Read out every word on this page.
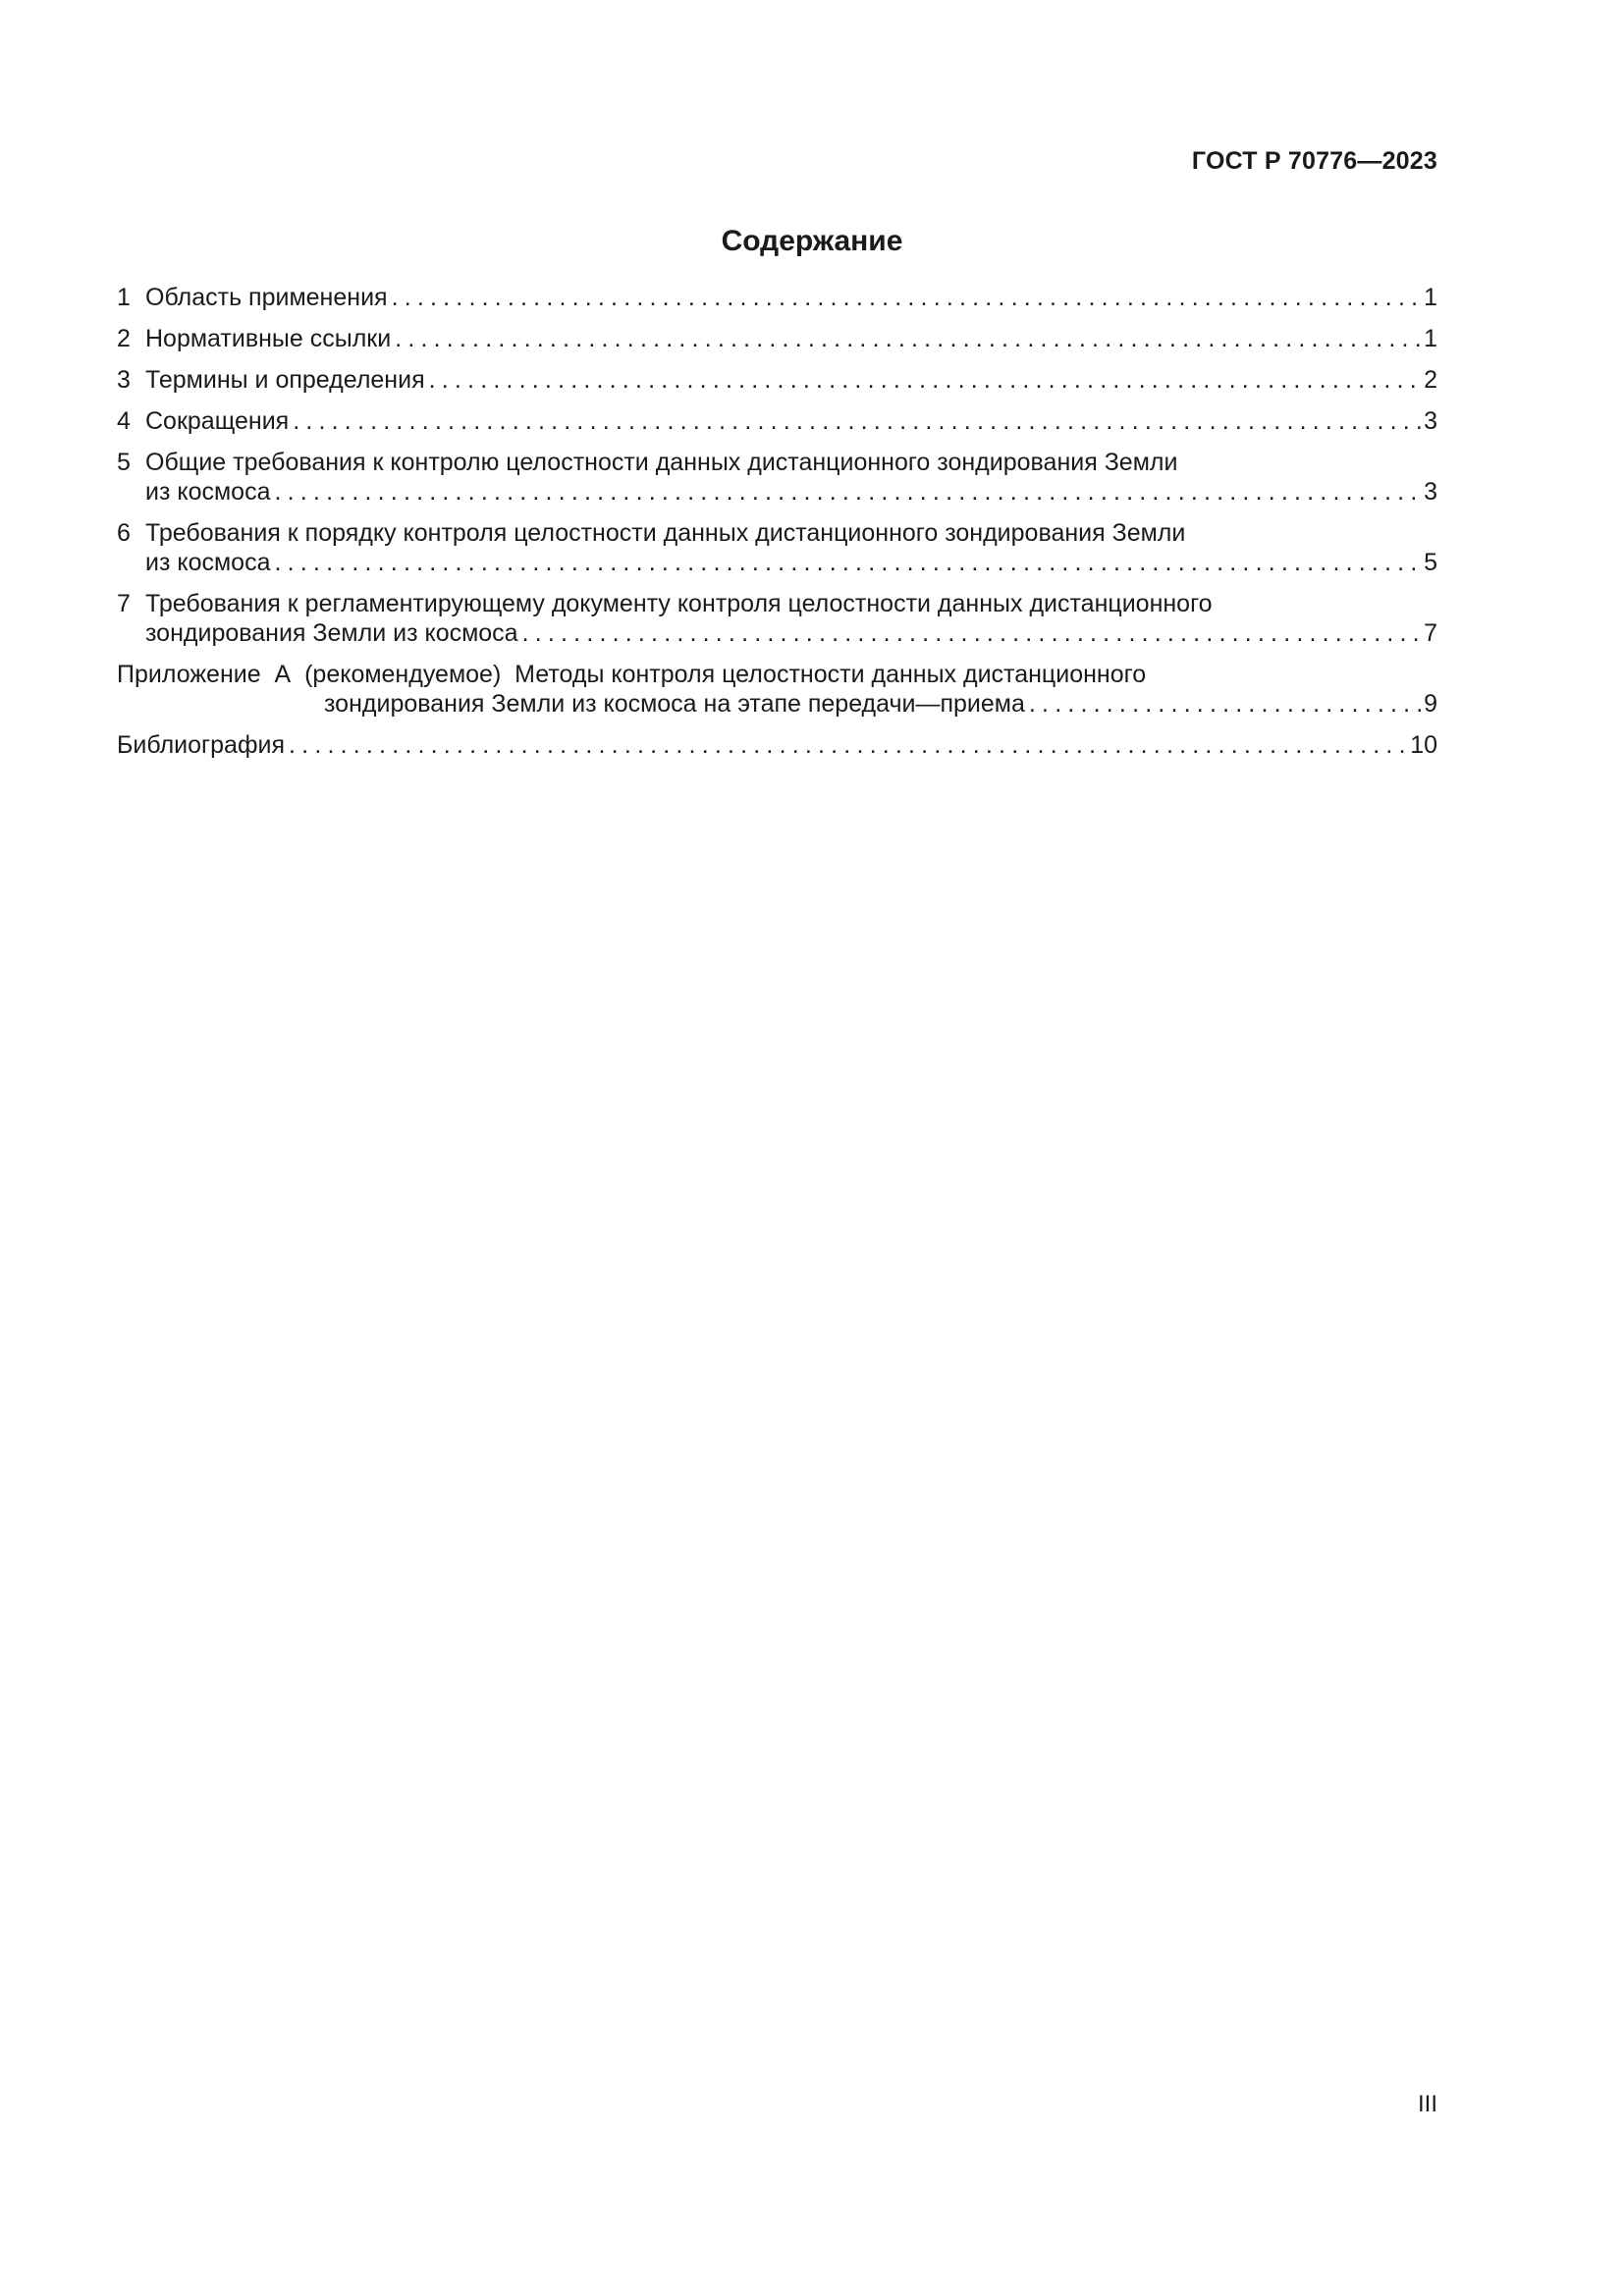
ГОСТ Р 70776—2023
Содержание
1 Область применения .....	1
2 Нормативные ссылки .....	1
3 Термины и определения .....	2
4 Сокращения .....	3
5 Общие требования к контролю целостности данных дистанционного зондирования Земли
из космоса .....	3
6 Требования к порядку контроля целостности данных дистанционного зондирования Земли
из космоса .....	5
7 Требования к регламентирующему документу контроля целостности данных дистанционного
зондирования Земли из космоса .....	7
Приложение  А  (рекомендуемое)  Методы контроля целостности данных дистанционного
зондирования Земли из космоса на этапе передачи—приема .....	9
Библиография .....	10
III
